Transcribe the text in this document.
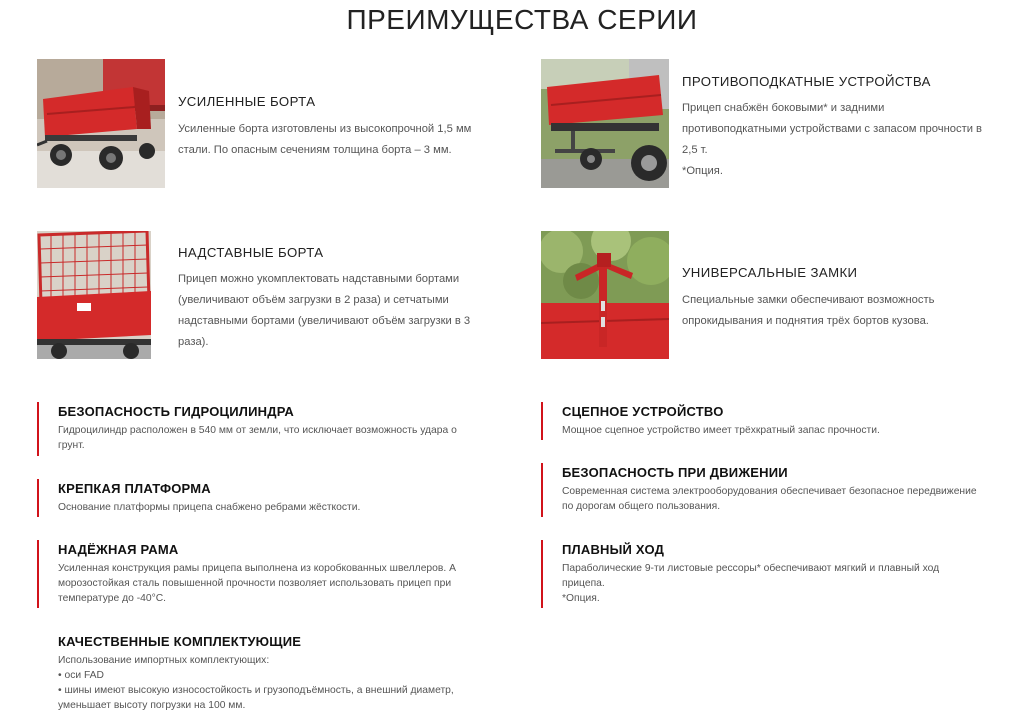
ПРЕИМУЩЕСТВА СЕРИИ
УСИЛЕННЫЕ БОРТА
Усиленные борта изготовлены из высокопрочной 1,5 мм
стали. По опасным сечениям толщина борта – 3 мм.
ПРОТИВОПОДКАТНЫЕ УСТРОЙСТВА
Прицеп снабжён боковыми* и задними
противоподкатными устройствами с запасом прочности в
2,5 т.
*Опция.
НАДСТАВНЫЕ БОРТА
Прицеп можно укомплектовать надставными бортами
(увеличивают объём загрузки в 2 раза) и сетчатыми
надставными бортами (увеличивают объём загрузки в 3
раза).
УНИВЕРСАЛЬНЫЕ ЗАМКИ
Специальные замки обеспечивают возможность
опрокидывания и поднятия трёх бортов кузова.
БЕЗОПАСНОСТЬ ГИДРОЦИЛИНДРА
Гидроцилиндр расположен в 540 мм от земли, что исключает возможность удара о
грунт.
КРЕПКАЯ ПЛАТФОРМА
Основание платформы прицепа снабжено ребрами жёсткости.
НАДЁЖНАЯ РАМА
Усиленная конструкция рамы прицепа выполнена из коробкованных швеллеров. А
морозостойкая сталь повышенной прочности позволяет использовать прицеп при
температуре до -40°С.
КАЧЕСТВЕННЫЕ КОМПЛЕКТУЮЩИЕ
Использование импортных комплектующих:
• оси FAD
• шины имеют высокую износостойкость и грузоподъёмность, а внешний диаметр,
уменьшает высоту погрузки на 100 мм.
СЦЕПНОЕ УСТРОЙСТВО
Мощное сцепное устройство имеет трёхкратный запас прочности.
БЕЗОПАСНОСТЬ ПРИ ДВИЖЕНИИ
Современная система электрооборудования обеспечивает безопасное передвижение
по дорогам общего пользования.
ПЛАВНЫЙ ХОД
Параболические 9-ти листовые рессоры* обеспечивают мягкий и плавный ход
прицепа.
*Опция.
